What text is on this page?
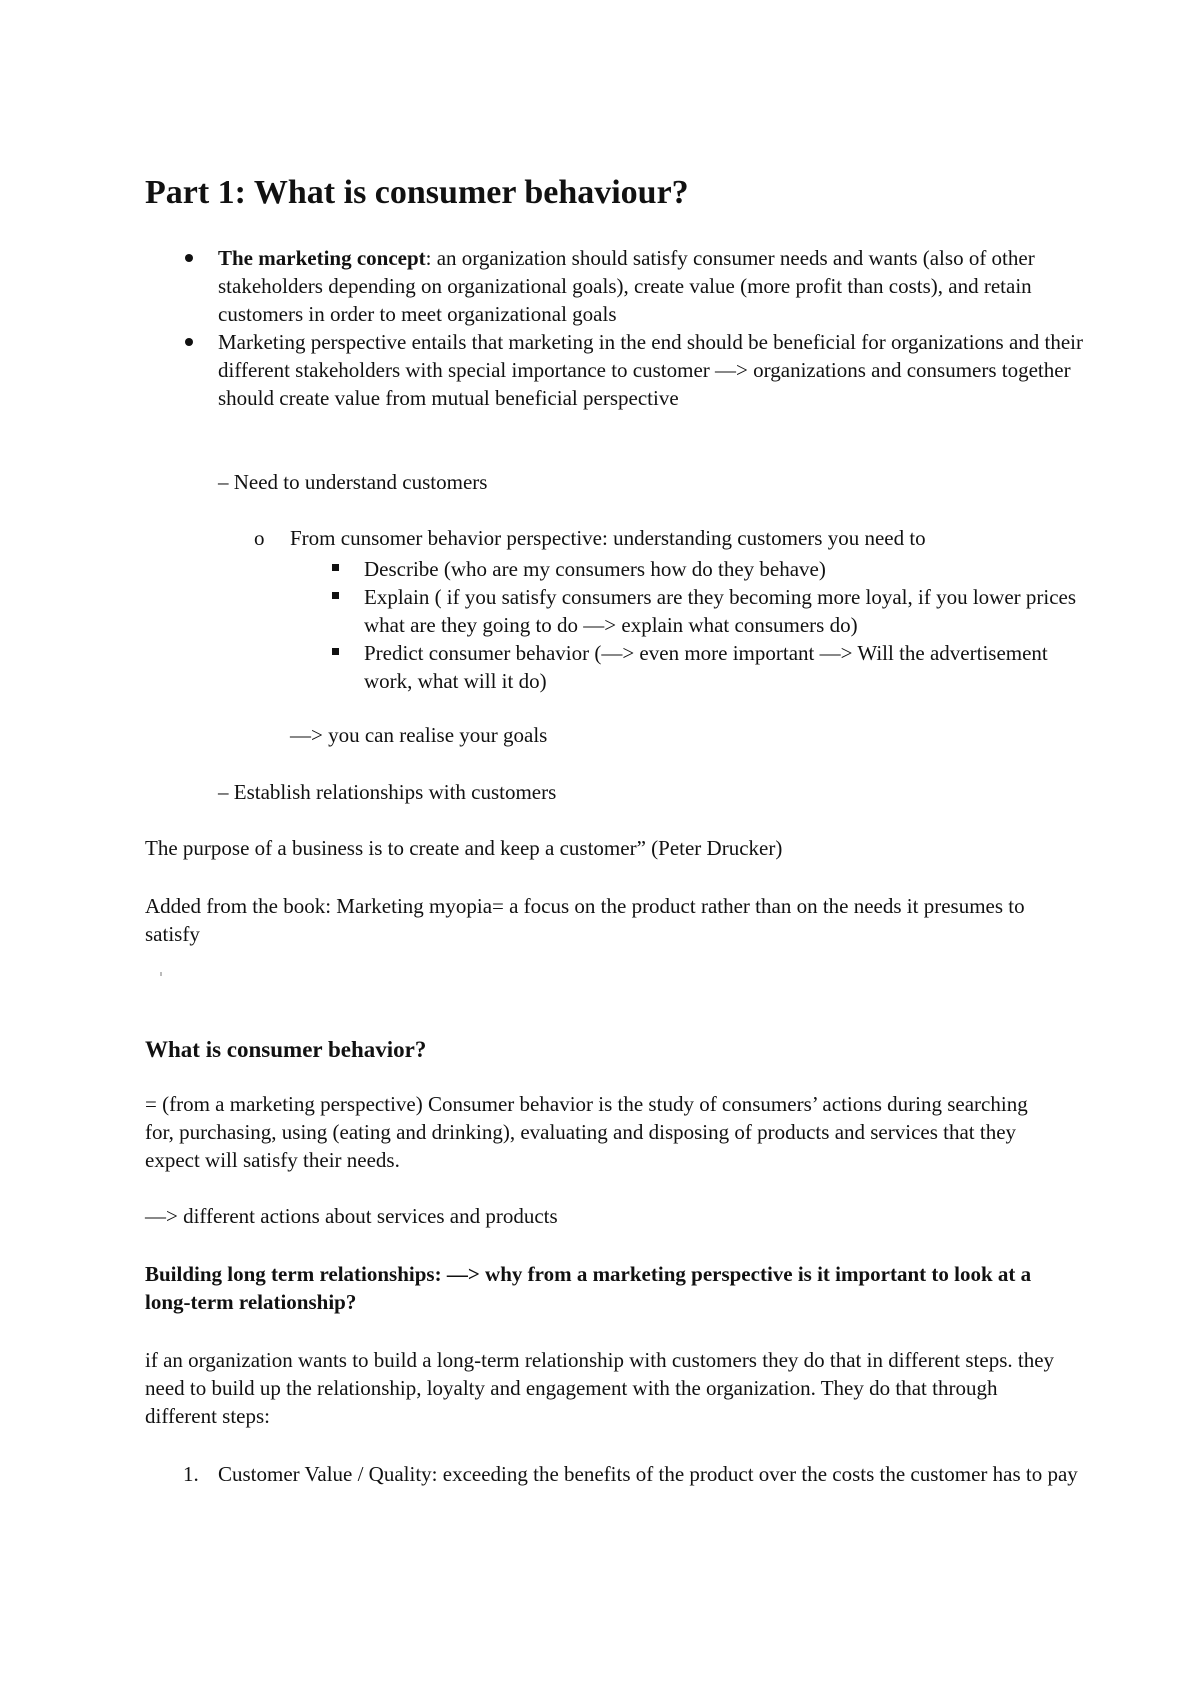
Part 1: What is consumer behaviour?
The marketing concept: an organization should satisfy consumer needs and wants (also of other stakeholders depending on organizational goals), create value (more profit than costs), and retain customers in order to meet organizational goals
Marketing perspective entails that marketing in the end should be beneficial for organizations and their different stakeholders with special importance to customer —> organizations and consumers together should create value from mutual beneficial perspective

– Need to understand customers

o From cunsomer behavior perspective: understanding customers you need to
Describe (who are my consumers how do they behave)
Explain ( if you satisfy consumers are they becoming more loyal, if you lower prices what are they going to do —> explain what consumers do)
Predict consumer behavior (—> even more important —> Will the advertisement work, what will it do)

—> you can realise your goals

– Establish relationships with customers

The purpose of a business is to create and keep a customer” (Peter Drucker)

Added from the book: Marketing myopia= a focus on the product rather than on the needs it presumes to satisfy

What is consumer behavior?

= (from a marketing perspective) Consumer behavior is the study of consumers’ actions during searching for, purchasing, using (eating and drinking), evaluating and disposing of products and services that they expect will satisfy their needs.

—> different actions about services and products

Building long term relationships: —> why from a marketing perspective is it important to look at a long-term relationship?

if an organization wants to build a long-term relationship with customers they do that in different steps. they need to build up the relationship, loyalty and engagement with the organization. They do that through different steps:

1. Customer Value / Quality: exceeding the benefits of the product over the costs the customer has to pay
